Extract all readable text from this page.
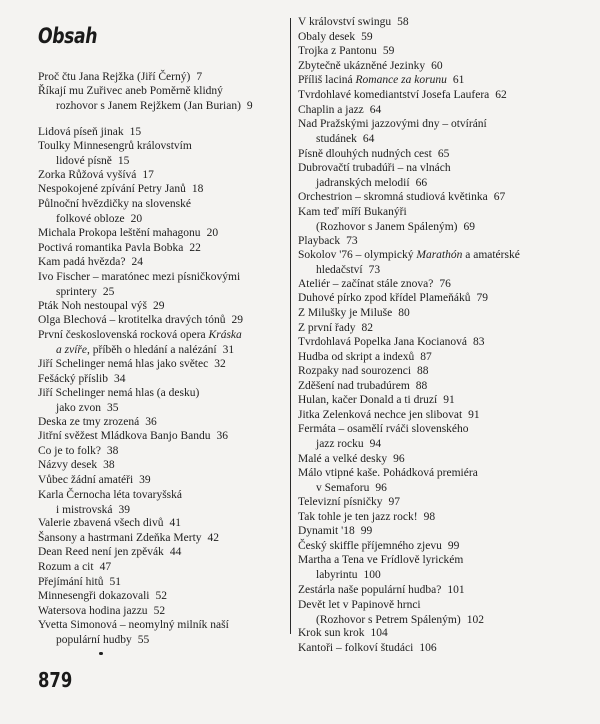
Obsah
Proč čtu Jana Rejžka (Jiří Černý) 7
Říkají mu Zuřivec aneb Poměrně klidný
rozhovor s Janem Rejžkem (Jan Burian) 9
Lidová píseň jinak 15
Toulky Minnesengrů královstvím
lidové písně 15
Zorka Růžová vyšívá 17
Nespokojené zpívání Petry Janů 18
Půlnoční hvězdičky na slovenské
folkové obloze 20
Michala Prokopa leštění mahagonu 20
Poctivá romantika Pavla Bobka 22
Kam padá hvězda? 24
Ivo Fischer – maratónec mezi písničkovými
sprintery 25
Pták Noh nestoupal výš 29
Olga Blechová – krotitelka dravých tónů 29
První československá rocková opera Kráska
a zvíře, příběh o hledání a nalézání 31
Jiří Schelinger nemá hlas jako světec 32
Fešácký příslib 34
Jiří Schelinger nemá hlas (a desku)
jako zvon 35
Deska ze tmy zrozená 36
Jitřní svěžest Mládkova Banjo Bandu 36
Co je to folk? 38
Názvy desek 38
Vůbec žádní amatéři 39
Karla Černocha léta tovaryšská
i mistrovská 39
Valerie zbavená všech divů 41
Šansony a hastrmani Zdeňka Merty 42
Dean Reed není jen zpěvák 44
Rozum a cit 47
Přejímání hitů 51
Minnesengři dokazovali 52
Watersova hodina jazzu 52
Yvetta Simonová – neomylný milník naší
populární hudby 55
V království swingu 58
Obaly desek 59
Trojka z Pantonu 59
Zbytečně ukázněné Jezinky 60
Příliš laciná Romance za korunu 61
Tvrdohlavé komediantství Josefa Laufera 62
Chaplin a jazz 64
Nad Pražskými jazzovými dny – otvírání
studánek 64
Písně dlouhých nudných cest 65
Dubrovačtí trubadúři – na vlnách
jadranských melodií 66
Orchestrion – skromná studiová květinka 67
Kam teď míří Bukanýři
(Rozhovor s Janem Spáleným) 69
Playback 73
Sokolov '76 – olympický Marathón a amatérské
hledačství 73
Ateliér – začínat stále znova? 76
Duhové pírko zpod křídel Plameňáků 79
Z Milušky je Miluše 80
Z první řady 82
Tvrdohlavá Popelka Jana Kocianová 83
Hudba od skript a indexů 87
Rozpaky nad sourozenci 88
Zděšení nad trubadúrem 88
Hulan, kačer Donald a ti druzí 91
Jitka Zelenková nechce jen slibovat 91
Fermáta – osamělí rváči slovenského
jazz rocku 94
Malé a velké desky 96
Málo vtipné kaše. Pohádková premiéra
v Semaforu 96
Televizní písničky 97
Tak tohle je ten jazz rock! 98
Dynamit '18 99
Český skiffle příjemného zjevu 99
Martha a Tena ve Frídlově lyrickém
labyrintu 100
Zestárla naše populární hudba? 101
Devět let v Papinově hrnci
(Rozhovor s Petrem Spáleným) 102
Krok sun krok 104
Kantoři – folkoví študáci 106
879
